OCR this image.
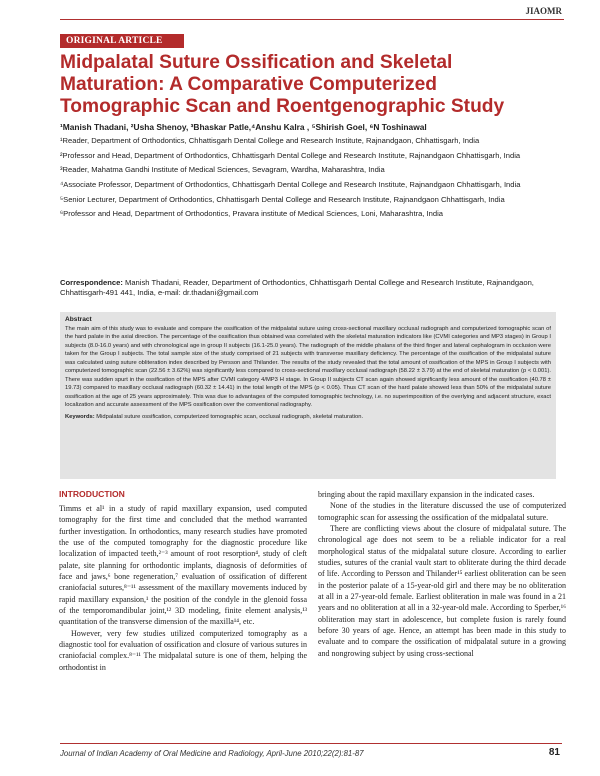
JIAOMR
ORIGINAL ARTICLE
Midpalatal Suture Ossification and Skeletal Maturation: A Comparative Computerized Tomographic Scan and Roentgenographic Study

¹Manish Thadani, ²Usha Shenoy, ³Bhaskar Patle,⁴Anshu Kalra , ⁵Shirish Goel, ⁶N Toshinawal

¹Reader, Department of Orthodontics, Chhattisgarh Dental College and Research Institute, Rajnandgaon, Chhattisgarh, India
²Professor and Head, Department of Orthodontics, Chhattisgarh Dental College and Research Institute, Rajnandgaon Chhattisgarh, India
³Reader, Mahatma Gandhi Institute of Medical Sciences, Sevagram, Wardha, Maharashtra, India
⁴Associate Professor, Department of Orthodontics, Chhattisgarh Dental College and Research Institute, Rajnandgaon Chhattisgarh, India
⁵Senior Lecturer, Department of Orthodontics, Chhattisgarh Dental College and Research Institute, Rajnandgaon Chhattisgarh, India
⁶Professor and Head, Department of Orthodontics, Pravara institute of Medical Sciences, Loni, Maharashtra, India

Correspondence: Manish Thadani, Reader, Department of Orthodontics, Chhattisgarh Dental College and Research Institute, Rajnandgaon, Chhattisgarh-491 441, India, e-mail: dr.thadani@gmail.com

Abstract

The main aim of this study was to evaluate and compare the ossification of the midpalatal suture using cross-sectional maxillary occlusal radiograph and computerized tomographic scan of the hard palate in the axial direction. The percentage of the ossification thus obtained was correlated with the skeletal maturation indicators like (CVMI categories and MP3 stages) in Group I subjects (8.0-16.0 years) and with chronological age in group II subjects (16.1-25.0 years). The radiograph of the middle phalanx of the third finger and lateral cephalogram in occlusion were taken for the Group I subjects. The total sample size of the study comprised of 21 subjects with transverse maxillary deficiency. The percentage of the ossification of the midpalatal suture was calculated using suture obliteration index described by Persson and Thilander. The results of the study revealed that the total amount of ossification of the MPS in Group I subjects with computerized tomographic scan (22.56 ± 3.62%) was significantly less compared to cross-sectional maxillary occlusal radiograph (58.22 ± 3.79) at the end of skeletal maturation (p < 0.001). There was sudden spurt in the ossification of the MPS after CVMI category 4/MP3 H stage. In Group II subjects CT scan again showed significantly less amount of the ossification (40.78 ± 19.73) compared to maxillary occlusal radiograph (60.32 ± 14.41) in the total length of the MPS (p < 0.05). Thus CT scan of the hard palate showed less than 50% of the midpalatal suture ossification at the age of 25 years approximately. This was due to advantages of the computed tomographic technology, i.e. no superimposition of the overlying and adjacent structure, exact localization and accurate assessment of the MPS ossification over the conventional radiography.

Keywords: Midpalatal suture ossification, computerized tomographic scan, occlusal radiograph, skeletal maturation.

INTRODUCTION

Timms et al¹ in a study of rapid maxillary expansion, used computed tomography for the first time and concluded that the method warranted further investigation. In orthodontics, many research studies have promoted the use of the computed tomography for the diagnostic procedure like localization of impacted teeth,²⁻³ amount of root resorption⁴, study of cleft palate, site planning for orthodontic implants, diagnosis of deformities of face and jaws,⁶ bone regeneration,⁷ evaluation of ossification of different craniofacial sutures,⁸⁻¹¹ assessment of the maxillary movements induced by rapid maxillary expansion,¹ the position of the condyle in the glenoid fossa of the temporomandibular joint,¹² 3D modeling, finite element analysis,¹³ quantitation of the transverse dimension of the maxilla¹⁴, etc.

However, very few studies utilized computerized tomography as a diagnostic tool for evaluation of ossification and closure of various sutures in craniofacial complex.⁸⁻¹¹ The midpalatal suture is one of them, helping the orthodontist in

bringing about the rapid maxillary expansion in the indicated cases.

None of the studies in the literature discussed the use of computerized tomographic scan for assessing the ossification of the midpalatal suture.

There are conflicting views about the closure of midpalatal suture. The chronological age does not seem to be a reliable indicator for a real morphological status of the midpalatal suture closure. According to earlier studies, sutures of the cranial vault start to obliterate during the third decade of life. According to Persson and Thilander¹⁵ earliest obliteration can be seen in the posterior palate of a 15-year-old girl and there may be no obliteration at all in a 27-year-old female. Earliest obliteration in male was found in a 21 years and no obliteration at all in a 32-year-old male. According to Sperber,¹⁶ obliteration may start in adolescence, but complete fusion is rarely found before 30 years of age. Hence, an attempt has been made in this study to evaluate and to compare the ossification of midpalatal suture in a growing and nongrowing subject by using cross-sectional

Journal of Indian Academy of Oral Medicine and Radiology, April-June 2010;22(2):81-87	81
